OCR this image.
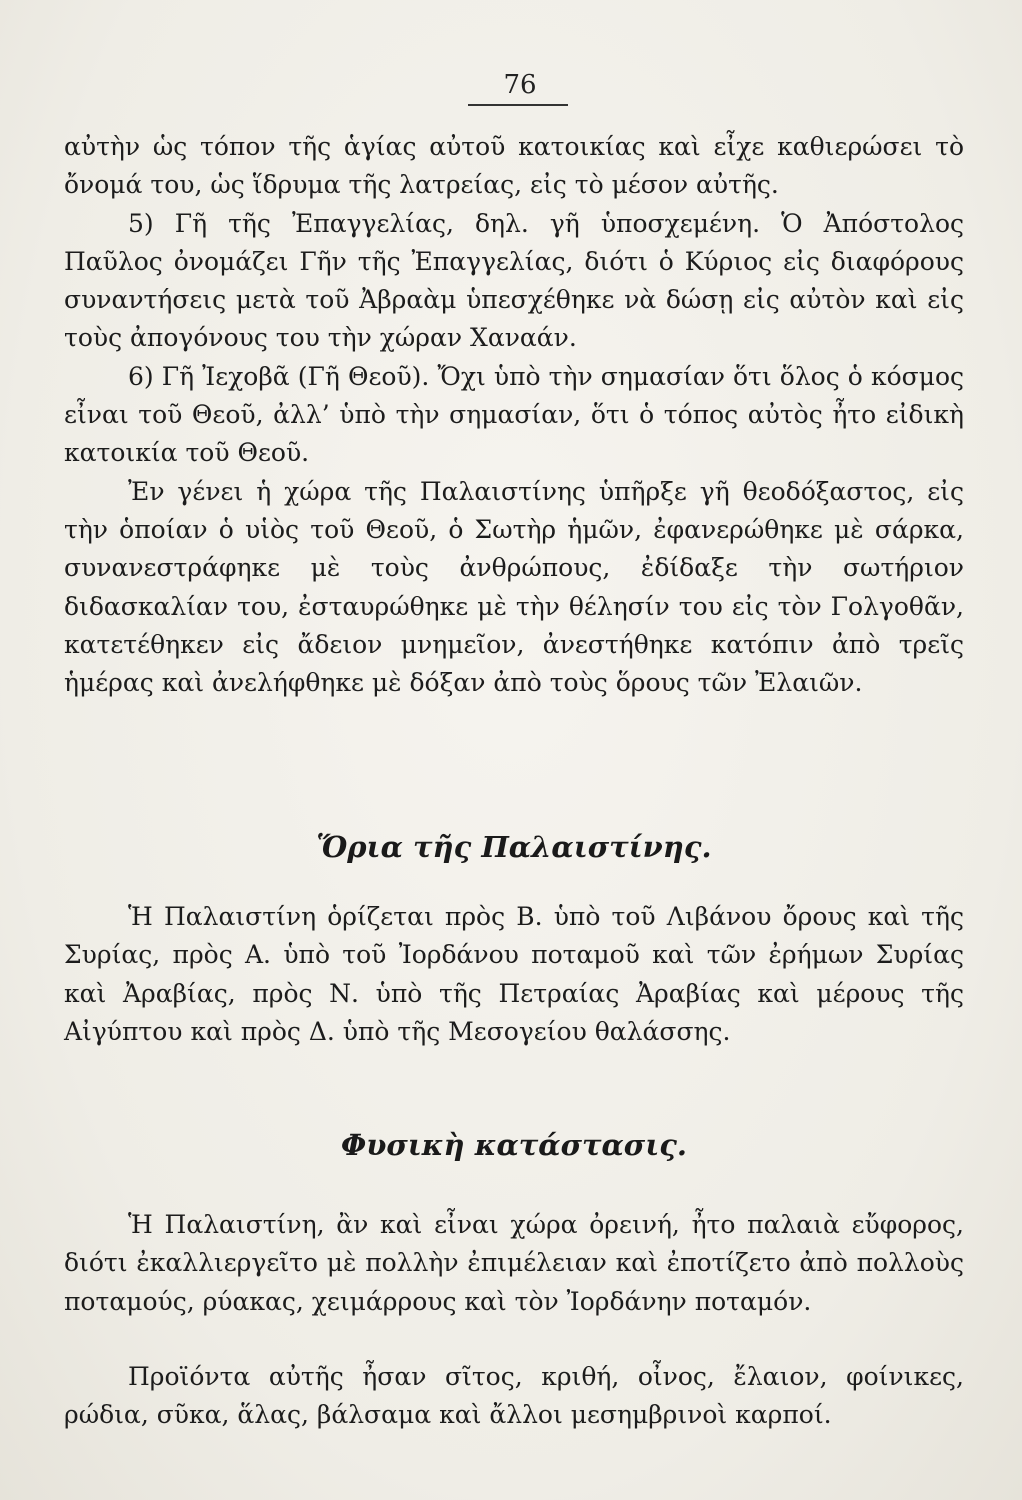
76

αὐτὴν ὡς τόπον τῆς ἁγίας αὐτοῦ κατοικίας καὶ εἶχε καθιερώσει τὸ ὄνομά του, ὡς ἵδρυμα τῆς λατρείας, εἰς τὸ μέσον αὐτῆς.

5) Γῆ τῆς Ἐπαγγελίας, δηλ. γῆ ὑποσχεμένη. Ὁ Ἀπόστολος Παῦλος ὀνομάζει Γῆν τῆς Ἐπαγγελίας, διότι ὁ Κύριος εἰς διαφόρους συναντήσεις μετὰ τοῦ Ἀβραὰμ ὑπεσχέθηκε νὰ δώσῃ εἰς αὐτὸν καὶ εἰς τοὺς ἀπογόνους του τὴν χώραν Χαναάν.

6) Γῆ Ἰεχοβᾶ (Γῆ Θεοῦ). Ὄχι ὑπὸ τὴν σημασίαν ὅτι ὅλος ὁ κόσμος εἶναι τοῦ Θεοῦ, ἀλλ’ ὑπὸ τὴν σημασίαν, ὅτι ὁ τόπος αὐτὸς ἦτο εἰδικὴ κατοικία τοῦ Θεοῦ.

Ἐν γένει ἡ χώρα τῆς Παλαιστίνης ὑπῆρξε γῆ θεοδόξαστος, εἰς τὴν ὁποίαν ὁ υἱὸς τοῦ Θεοῦ, ὁ Σωτὴρ ἡμῶν, ἐφανερώθηκε μὲ σάρκα, συνανεστράφηκε μὲ τοὺς ἀνθρώπους, ἐδίδαξε τὴν σωτήριον διδασκαλίαν του, ἐσταυρώθηκε μὲ τὴν θέλησίν του εἰς τὸν Γολγοθᾶν, κατετέθηκεν εἰς ἄδειον μνημεῖον, ἀνεστήθηκε κατόπιν ἀπὸ τρεῖς ἡμέρας καὶ ἀνελήφθηκε μὲ δόξαν ἀπὸ τοὺς ὅρους τῶν Ἐλαιῶν.

Ὅρια τῆς Παλαιστίνης.

Ἡ Παλαιστίνη ὁρίζεται πρὸς Β. ὑπὸ τοῦ Λιβάνου ὄρους καὶ τῆς Συρίας, πρὸς Α. ὑπὸ τοῦ Ἰορδάνου ποταμοῦ καὶ τῶν ἐρήμων Συρίας καὶ Ἀραβίας, πρὸς Ν. ὑπὸ τῆς Πετραίας Ἀραβίας καὶ μέρους τῆς Αἰγύπτου καὶ πρὸς Δ. ὑπὸ τῆς Μεσογείου θαλάσσης.

Φυσικὴ κατάστασις.

Ἡ Παλαιστίνη, ἂν καὶ εἶναι χώρα ὀρεινή, ἦτο παλαιὰ εὔφορος, διότι ἐκαλλιεργεῖτο μὲ πολλὴν ἐπιμέλειαν καὶ ἐποτίζετο ἀπὸ πολλοὺς ποταμούς, ρύακας, χειμάρρους καὶ τὸν Ἰορδάνην ποταμόν.

Προϊόντα αὐτῆς ἦσαν σῖτος, κριθή, οἶνος, ἔλαιον, φοίνικες, ρώδια, σῦκα, ἅλας, βάλσαμα καὶ ἄλλοι μεσημβρινοὶ καρποί.
